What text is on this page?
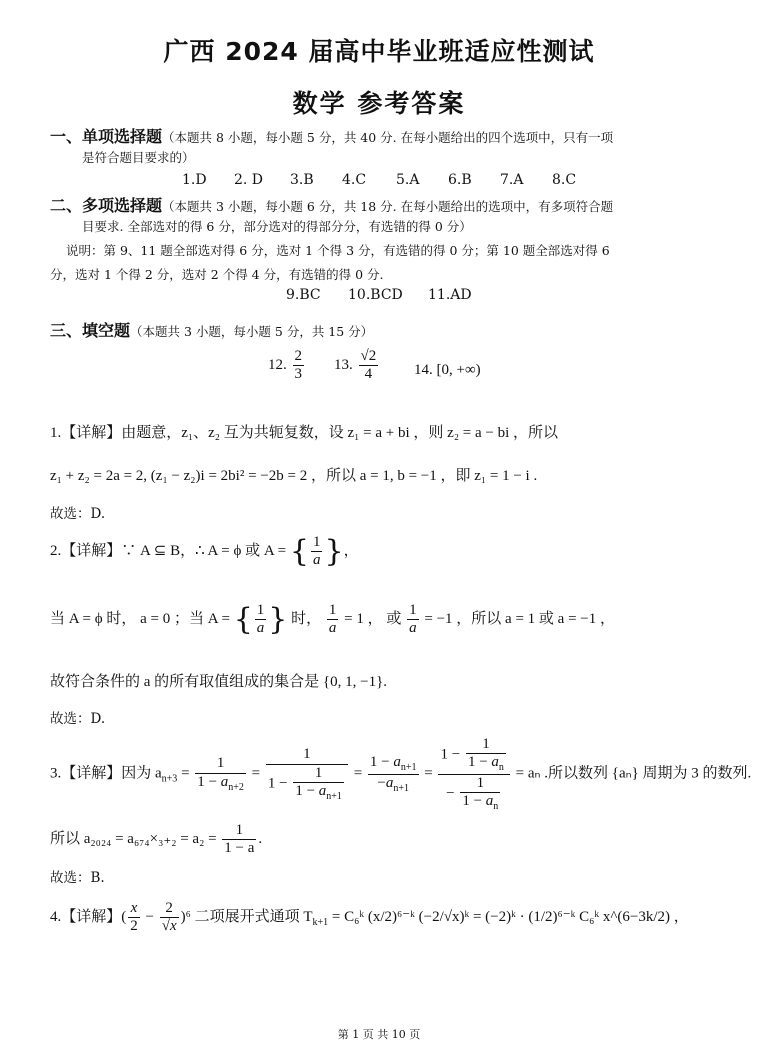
广西 2024 届高中毕业班适应性测试
数学 参考答案
一、单项选择题（本题共 8 小题，每小题 5 分，共 40 分. 在每小题给出的四个选项中，只有一项
是符合题目要求的）
1.D 2. D 3.B 4.C 5.A 6.B 7.A 8.C
二、多项选择题（本题共 3 小题，每小题 6 分，共 18 分. 在每小题给出的选项中，有多项符合题
目要求. 全部选对的得 6 分，部分选对的得部分分，有选错的得 0 分）
说明：第 9、11 题全部选对得 6 分，选对 1 个得 3 分，有选错的得 0 分；第 10 题全部选对得 6
分，选对 1 个得 2 分，选对 2 个得 4 分，有选错的得 0 分.
9.BC 10.BCD 11.AD
三、填空题（本题共 3 小题，每小题 5 分，共 15 分）
12. $\frac{2}{3} 13$. $\frac{√2}{4} 14$. [0, +∞)
1.【详解】由题意，z₁、z₂ 互为共轭复数，设 z₁ = a + bi ，则 z₂ = a − bi ，所以
z₁ + z₂ = 2a = 2, (z₁ − z₂)i = 2bi² = −2b = 2 ，所以 a = 1, b = −1 ，即 z₁ = 1 − i .
故选：D.
2.【详解】∵ A ⊆ B，∴ A = ϕ 或 A = { $\frac{1}{a}$ }，
当 A = ϕ 时， a = 0 ；当 A = { $\frac{1}{a}$ } 时， $\frac{1}{a} = 1$ ， 或 $\frac{1}{a} = -1$ ，所以 a = 1 或 a = −1 ，
故符合条件的 a 的所有取值组成的集合是 {0, 1, −1}.
故选：D.
3.【详解】因为 $a_{n+3} = \frac{1}{1 - a_{n+2}} = \frac{1}{1 - \frac{1}{1 - a_{n+1}}} = \frac{1 - a_{n+1}}{-a_{n+1}} = \frac{1 - \frac{1}{1 - a_n}}{- \frac{1}{1 - a_n}} = a_n$ .所以数列 {aₙ} 周期为 3 的数列.
所以 $a_{2024} = a_{674}\times_{3+2} = a_2 = \frac{1}{1 - a}$ .
故选：B.
4.【详解】( $\frac{x}{2} - \frac{2}{√x} )^6$ 二项展开式通项 $T_{k+1}$ = C₆ᵏ (x/2)⁶⁻ᵏ (−2/√x)ᵏ = (−2)ᵏ · (1/2)⁶⁻ᵏ C₆ᵏ x^(6−3k/2) ，
第 1 页 共 10 页
